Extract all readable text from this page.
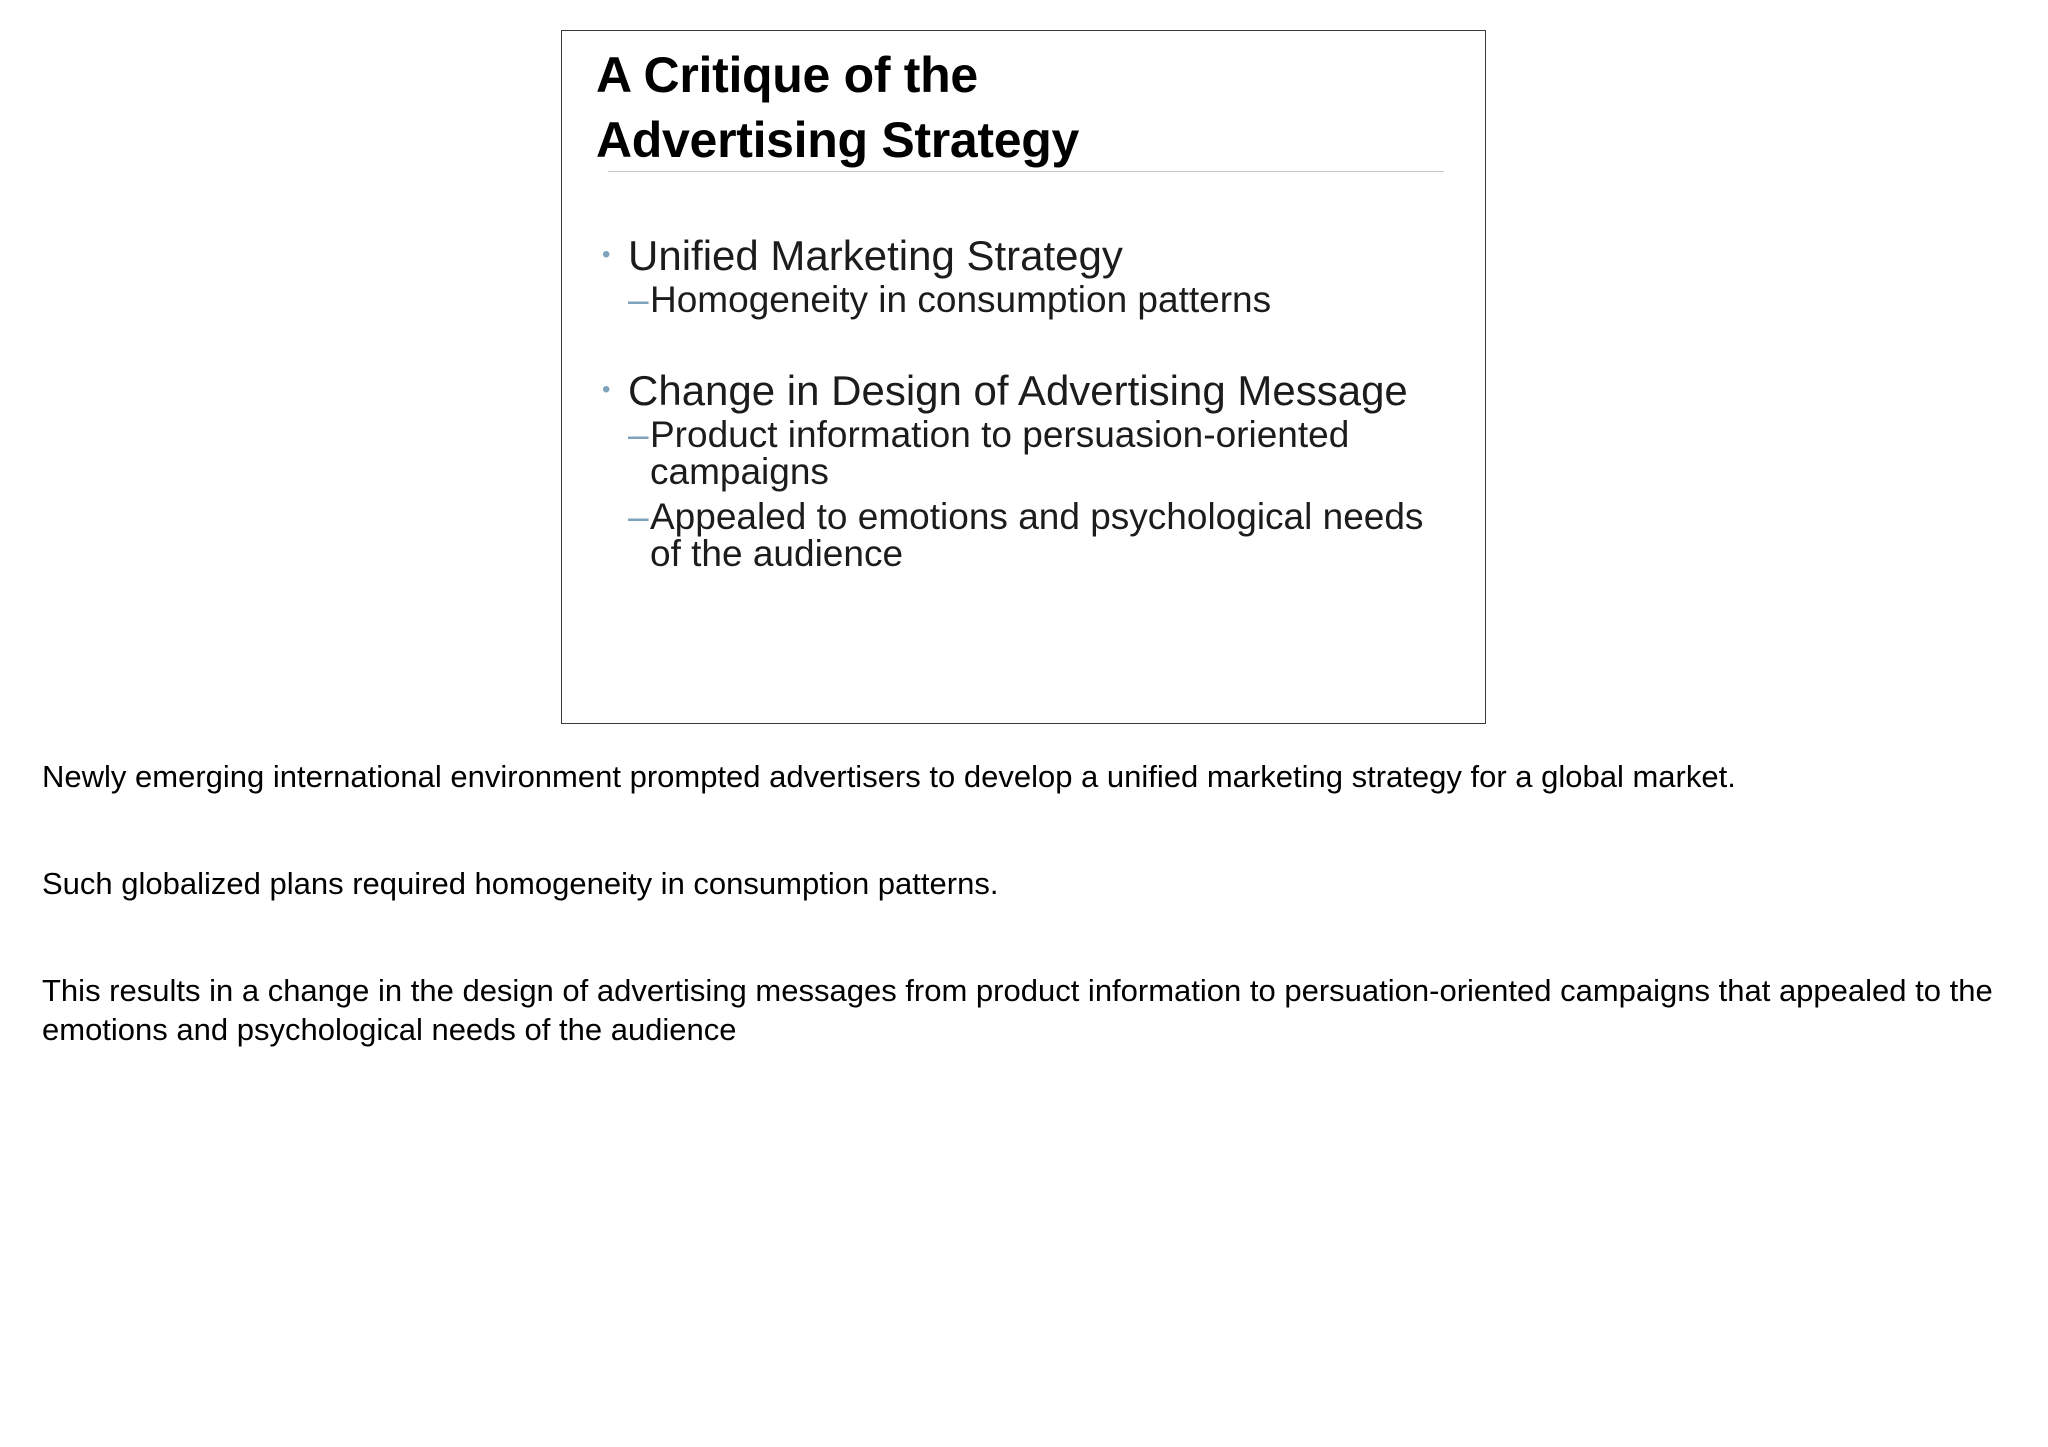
A Critique of the
Advertising Strategy
• Unified Marketing Strategy
– Homogeneity in consumption patterns
• Change in Design of Advertising Message
– Product information to persuasion-oriented campaigns
– Appealed to emotions and psychological needs of the audience

Newly emerging international environment prompted advertisers to develop a unified marketing strategy for a global market.

Such globalized plans required homogeneity in consumption patterns.

This results in a change in the design of advertising messages from product information to persuation-oriented campaigns that appealed to the emotions and psychological needs of the audience
